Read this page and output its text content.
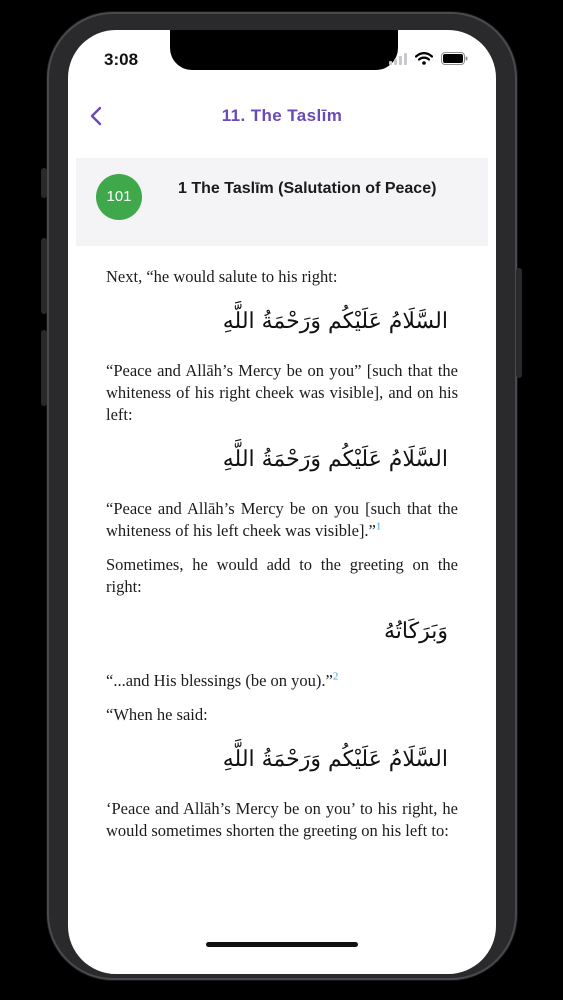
3:08
11. The Taslīm
101	1 The Taslīm (Salutation of Peace)

Next, “he would salute to his right:

السَّلَامُ عَلَيْكُم وَرَحْمَةُ اللَّهِ

“Peace and Allāh’s Mercy be on you” [such that the whiteness of his right cheek was visible], and on his left:

السَّلَامُ عَلَيْكُم وَرَحْمَةُ اللَّهِ

“Peace and Allāh’s Mercy be on you [such that the whiteness of his left cheek was visible].”$^1$

Sometimes, he would add to the greeting on the right:

وَبَرَكَاتُهُ

“...and His blessings (be on you).”$^2$

“When he said:

السَّلَامُ عَلَيْكُم وَرَحْمَةُ اللَّهِ

‘Peace and Allāh’s Mercy be on you’ to his right, he would sometimes shorten the greeting on his left to:
